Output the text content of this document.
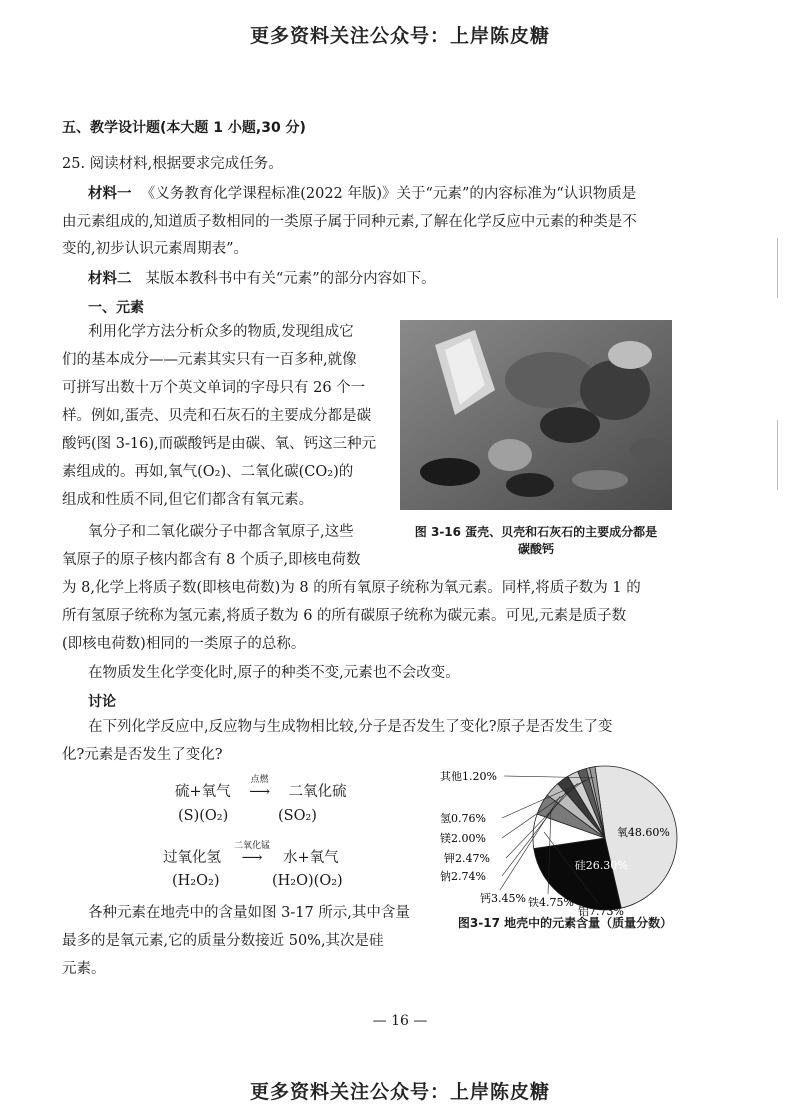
更多资料关注公众号：上岸陈皮糖
更多资料关注公众号：上岸陈皮糖
五、教学设计题(本大题 1 小题,30 分)
25. 阅读材料,根据要求完成任务。
材料一 《义务教育化学课程标准(2022 年版)》关于“元素”的内容标准为“认识物质是
由元素组成的,知道质子数相同的一类原子属于同种元素,了解在化学反应中元素的种类是不
变的,初步认识元素周期表”。
材料二 某版本教科书中有关“元素”的部分内容如下。
一、元素
利用化学方法分析众多的物质,发现组成它
们的基本成分——元素其实只有一百多种,就像
可拼写出数十万个英文单词的字母只有 26 个一
样。例如,蛋壳、贝壳和石灰石的主要成分都是碳
酸钙(图 3-16),而碳酸钙是由碳、氧、钙这三种元
素组成的。再如,氧气(O₂)、二氧化碳(CO₂)的
组成和性质不同,但它们都含有氧元素。
图 3-16 蛋壳、贝壳和石灰石的主要成分都是
碳酸钙
氧分子和二氧化碳分子中都含氧原子,这些
氧原子的原子核内都含有 8 个质子,即核电荷数
为 8,化学上将质子数(即核电荷数)为 8 的所有氧原子统称为氧元素。同样,将质子数为 1 的
所有氢原子统称为氢元素,将质子数为 6 的所有碳原子统称为碳元素。可见,元素是质子数
(即核电荷数)相同的一类原子的总称。
在物质发生化学变化时,原子的种类不变,元素也不会改变。
讨论
在下列化学反应中,反应物与生成物相比较,分子是否发生了变化?原子是否发生了变
化?元素是否发生了变化?
硫+氧气
点燃
⟶ 二氧化硫
(S)(O₂)	(SO₂)
过氧化氢
二氧化锰
⟶ 水+氧气
(H₂O₂)	(H₂O)(O₂)
各种元素在地壳中的含量如图 3-17 所示,其中含量
最多的是氧元素,它的质量分数接近 50%,其次是硅
元素。
氧48.60%
硅26.30%
铝7.73%
铁4.75%
钙3.45%
钠2.74%
钾2.47%
镁2.00%
氢0.76%
其他1.20%
图3-17 地壳中的元素含量（质量分数）
— 16 —
